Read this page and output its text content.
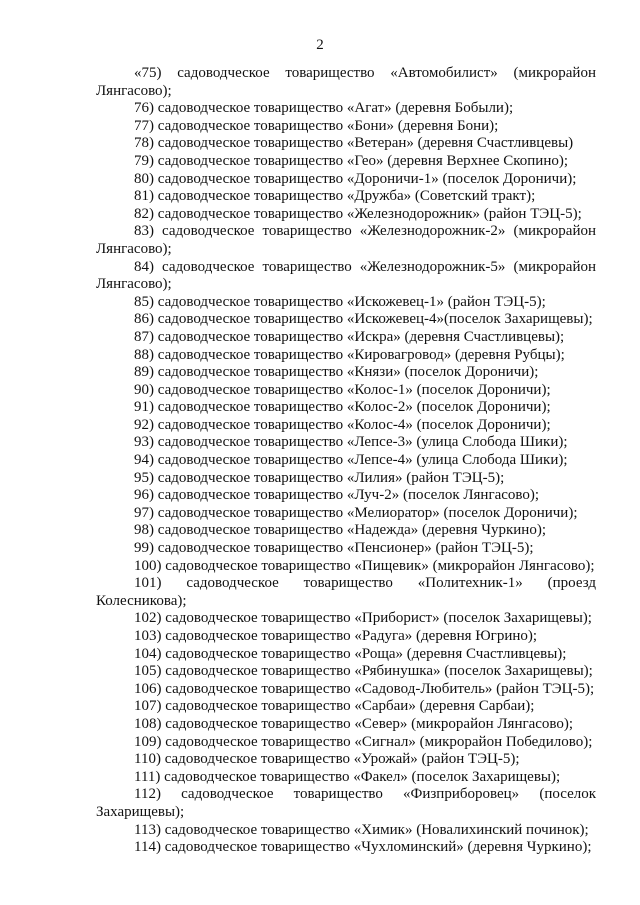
2
«75) садоводческое товарищество «Автомобилист» (микрорайон
Лянгасово);
76) садоводческое товарищество «Агат» (деревня Бобыли);
77) садоводческое товарищество «Бони» (деревня Бони);
78) садоводческое товарищество «Ветеран» (деревня Счастливцевы)
79) садоводческое товарищество «Гео» (деревня Верхнее Скопино);
80) садоводческое товарищество «Дороничи-1» (поселок Дороничи);
81) садоводческое товарищество «Дружба» (Советский тракт);
82) садоводческое товарищество «Железнодорожник» (район ТЭЦ-5);
83) садоводческое товарищество «Железнодорожник-2» (микрорайон
Лянгасово);
84) садоводческое товарищество «Железнодорожник-5» (микрорайон
Лянгасово);
85) садоводческое товарищество «Искожевец-1» (район ТЭЦ-5);
86) садоводческое товарищество «Искожевец-4»(поселок Захарищевы);
87) садоводческое товарищество «Искра» (деревня Счастливцевы);
88) садоводческое товарищество «Кировагровод» (деревня Рубцы);
89) садоводческое товарищество «Князи» (поселок Дороничи);
90) садоводческое товарищество «Колос-1» (поселок Дороничи);
91) садоводческое товарищество «Колос-2» (поселок Дороничи);
92) садоводческое товарищество «Колос-4» (поселок Дороничи);
93) садоводческое товарищество «Лепсе-3» (улица Слобода Шики);
94) садоводческое товарищество «Лепсе-4» (улица Слобода Шики);
95) садоводческое товарищество «Лилия» (район ТЭЦ-5);
96) садоводческое товарищество «Луч-2» (поселок Лянгасово);
97) садоводческое товарищество «Мелиоратор» (поселок Дороничи);
98) садоводческое товарищество «Надежда» (деревня Чуркино);
99) садоводческое товарищество «Пенсионер» (район ТЭЦ-5);
100) садоводческое товарищество «Пищевик» (микрорайон Лянгасово);
101) садоводческое товарищество «Политехник-1» (проезд
Колесникова);
102) садоводческое товарищество «Приборист» (поселок Захарищевы);
103) садоводческое товарищество «Радуга» (деревня Югрино);
104) садоводческое товарищество «Роща» (деревня Счастливцевы);
105) садоводческое товарищество «Рябинушка» (поселок Захарищевы);
106) садоводческое товарищество «Садовод-Любитель» (район ТЭЦ-5);
107) садоводческое товарищество «Сарбаи» (деревня Сарбаи);
108) садоводческое товарищество «Север» (микрорайон Лянгасово);
109) садоводческое товарищество «Сигнал» (микрорайон Победилово);
110) садоводческое товарищество «Урожай» (район ТЭЦ-5);
111) садоводческое товарищество «Факел» (поселок Захарищевы);
112) садоводческое товарищество «Физприборовец» (поселок
Захарищевы);
113) садоводческое товарищество «Химик» (Новалихинский починок);
114) садоводческое товарищество «Чухломинский» (деревня Чуркино);
